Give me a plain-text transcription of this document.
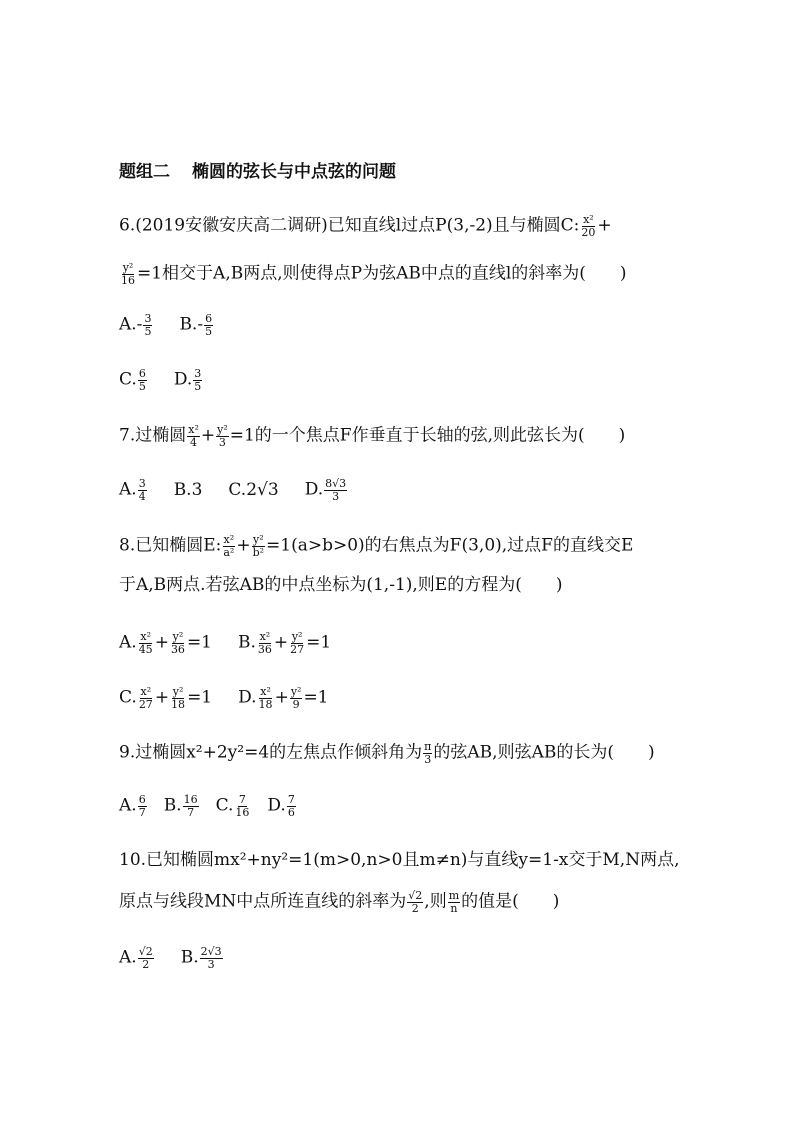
题组二 椭圆的弦长与中点弦的问题
6.(2019安徽安庆高二调研)已知直线l过点P(3,-2)且与椭圆C: $\frac{\text{x²}}{20}$ +
$\frac{\text{y²}}{16} =1$相交于A,B两点,则使得点P为弦AB中点的直线l的斜率为(　　)
$A.- \frac{3}{5} B.- \frac{6}{5}$
C. $\frac{6}{5} D$. $\frac{3}{5}$
7.过椭圆 $\frac{\text{x²}}{4} + \frac{\text{y²}}{3} =1$的一个焦点F作垂直于长轴的弦,则此弦长为(　　)
A. $\frac{3}{4} B.3$ C.2√3 D. $\frac{8√3}{3}$
8.已知椭圆E: $\frac{\text{x²}}{\text{a²}} + \frac{\text{y²}}{\text{b²}} =1(a>b>0)$的右焦点为F(3,0),过点F的直线交E
于A,B两点.若弦AB的中点坐标为(1,-1),则E的方程为(　　)
A. $\frac{\text{x²}}{45} + \frac{\text{y²}}{36} =1$ B. $\frac{\text{x²}}{36} + \frac{\text{y²}}{27} =1$
C. $\frac{\text{x²}}{27} + \frac{\text{y²}}{18} =1$ D. $\frac{\text{x²}}{18} + \frac{\text{y²}}{9} =1$
9.过椭圆x²+2y²=4的左焦点作倾斜角为 $\frac{\pi}{3}$ 的弦AB,则弦AB的长为(　　)
A. $\frac{6}{7} B$. $\frac{16}{7} C$. $\frac{7}{16} D$. $\frac{7}{6}$
10.已知椭圆mx²+ny²=1(m>0,n>0且m≠n)与直线y=1-x交于M,N两点,
原点与线段MN中点所连直线的斜率为 $\frac{√2}{2}$ ,则 $\frac{m}{n}$ 的值是(　　)
A. $\frac{√2}{2} B$. $\frac{2√3}{3}$
